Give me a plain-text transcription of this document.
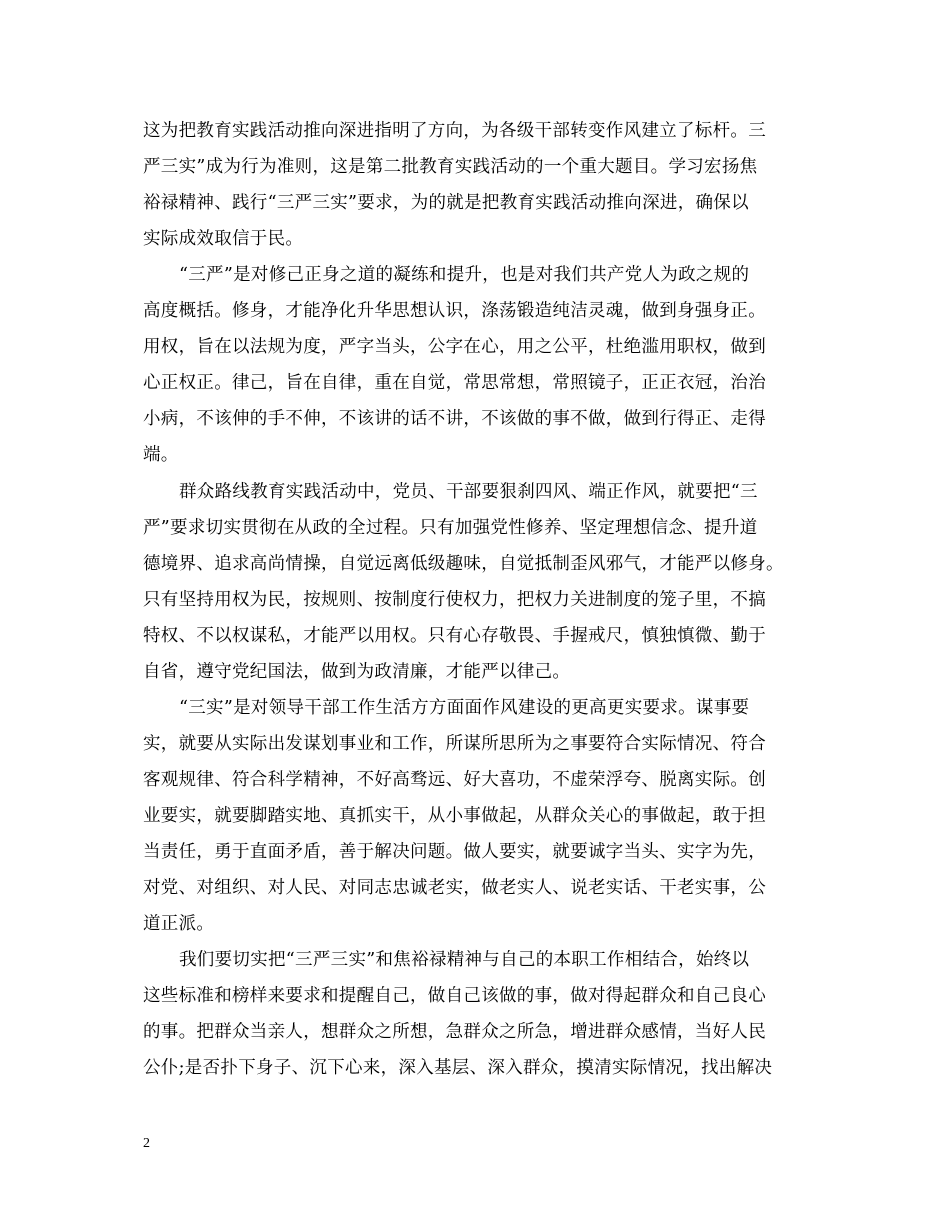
这为把教育实践活动推向深进指明了方向，为各级干部转变作风建立了标杆。三
严三实”成为行为准则，这是第二批教育实践活动的一个重大题目。学习宏扬焦
裕禄精神、践行“三严三实”要求，为的就是把教育实践活动推向深进，确保以
实际成效取信于民。
“三严”是对修己正身之道的凝练和提升，也是对我们共产党人为政之规的
高度概括。修身，才能净化升华思想认识，涤荡锻造纯洁灵魂，做到身强身正。
用权，旨在以法规为度，严字当头，公字在心，用之公平，杜绝滥用职权，做到
心正权正。律己，旨在自律，重在自觉，常思常想，常照镜子，正正衣冠，治治
小病，不该伸的手不伸，不该讲的话不讲，不该做的事不做，做到行得正、走得
端。
群众路线教育实践活动中，党员、干部要狠刹四风、端正作风，就要把“三
严”要求切实贯彻在从政的全过程。只有加强党性修养、坚定理想信念、提升道
德境界、追求高尚情操，自觉远离低级趣味，自觉抵制歪风邪气，才能严以修身。
只有坚持用权为民，按规则、按制度行使权力，把权力关进制度的笼子里，不搞
特权、不以权谋私，才能严以用权。只有心存敬畏、手握戒尺，慎独慎微、勤于
自省，遵守党纪国法，做到为政清廉，才能严以律己。
“三实”是对领导干部工作生活方方面面作风建设的更高更实要求。谋事要
实，就要从实际出发谋划事业和工作，所谋所思所为之事要符合实际情况、符合
客观规律、符合科学精神，不好高骛远、好大喜功，不虚荣浮夸、脱离实际。创
业要实，就要脚踏实地、真抓实干，从小事做起，从群众关心的事做起，敢于担
当责任，勇于直面矛盾，善于解决问题。做人要实，就要诚字当头、实字为先，
对党、对组织、对人民、对同志忠诚老实，做老实人、说老实话、干老实事，公
道正派。
我们要切实把“三严三实”和焦裕禄精神与自己的本职工作相结合，始终以
这些标准和榜样来要求和提醒自己，做自己该做的事，做对得起群众和自己良心
的事。把群众当亲人，想群众之所想，急群众之所急，增进群众感情，当好人民
公仆;是否扑下身子、沉下心来，深入基层、深入群众，摸清实际情况，找出解决
2
